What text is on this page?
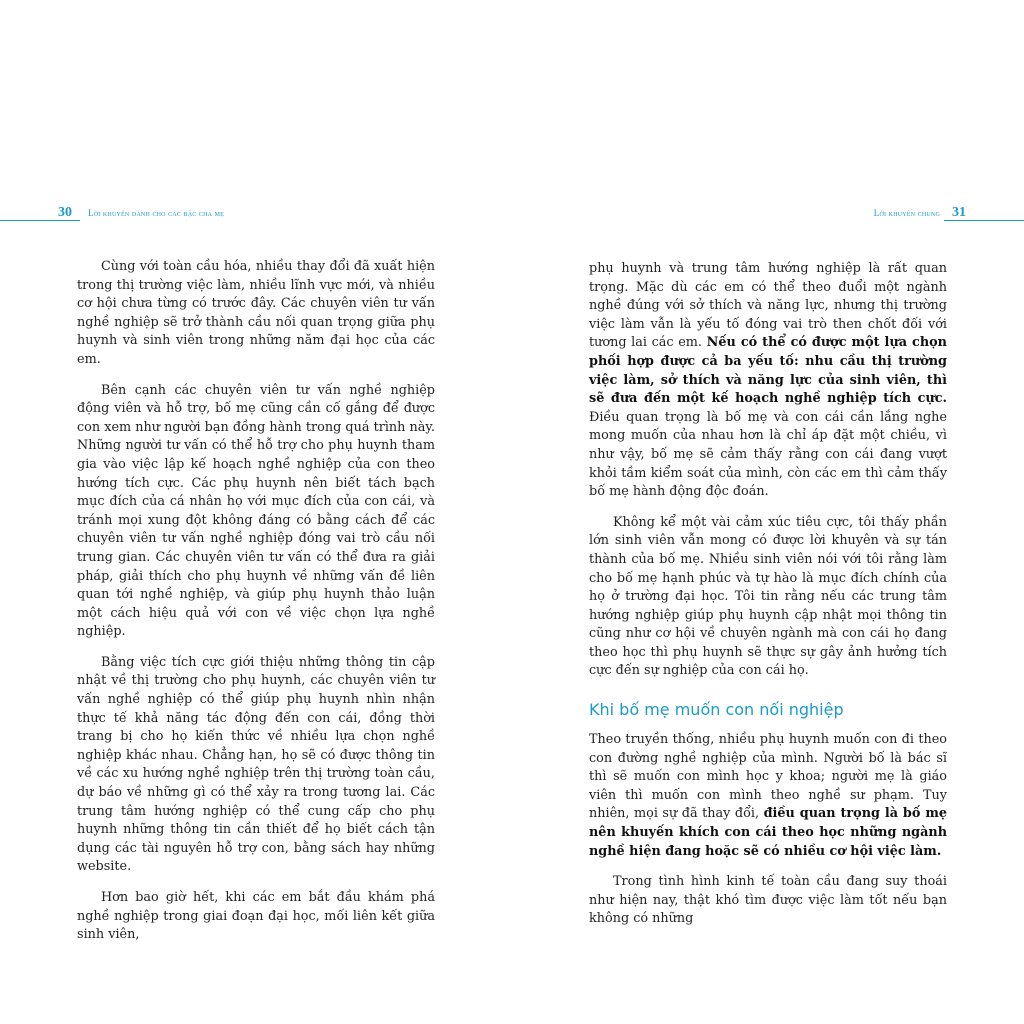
30 Lời khuyên dành cho các bậc cha mẹ	Lời khuyên chung 31

Cùng với toàn cầu hóa, nhiều thay đổi đã xuất hiện trong thị trường việc làm, nhiều lĩnh vực mới, và nhiều cơ hội chưa từng có trước đây. Các chuyên viên tư vấn nghề nghiệp sẽ trở thành cầu nối quan trọng giữa phụ huynh và sinh viên trong những năm đại học của các em.

Bên cạnh các chuyên viên tư vấn nghề nghiệp động viên và hỗ trợ, bố mẹ cũng cần cố gắng để được con xem như người bạn đồng hành trong quá trình này. Những người tư vấn có thể hỗ trợ cho phụ huynh tham gia vào việc lập kế hoạch nghề nghiệp của con theo hướng tích cực. Các phụ huynh nên biết tách bạch mục đích của cá nhân họ với mục đích của con cái, và tránh mọi xung đột không đáng có bằng cách để các chuyên viên tư vấn nghề nghiệp đóng vai trò cầu nối trung gian. Các chuyên viên tư vấn có thể đưa ra giải pháp, giải thích cho phụ huynh về những vấn đề liên quan tới nghề nghiệp, và giúp phụ huynh thảo luận một cách hiệu quả với con về việc chọn lựa nghề nghiệp.

Bằng việc tích cực giới thiệu những thông tin cập nhật về thị trường cho phụ huynh, các chuyên viên tư vấn nghề nghiệp có thể giúp phụ huynh nhìn nhận thực tế khả năng tác động đến con cái, đồng thời trang bị cho họ kiến thức về nhiều lựa chọn nghề nghiệp khác nhau. Chẳng hạn, họ sẽ có được thông tin về các xu hướng nghề nghiệp trên thị trường toàn cầu, dự báo về những gì có thể xảy ra trong tương lai. Các trung tâm hướng nghiệp có thể cung cấp cho phụ huynh những thông tin cần thiết để họ biết cách tận dụng các tài nguyên hỗ trợ con, bằng sách hay những website.

Hơn bao giờ hết, khi các em bắt đầu khám phá nghề nghiệp trong giai đoạn đại học, mối liên kết giữa sinh viên,

phụ huynh và trung tâm hướng nghiệp là rất quan trọng. Mặc dù các em có thể theo đuổi một ngành nghề đúng với sở thích và năng lực, nhưng thị trường việc làm vẫn là yếu tố đóng vai trò then chốt đối với tương lai các em. Nếu có thể có được một lựa chọn phối hợp được cả ba yếu tố: nhu cầu thị trường việc làm, sở thích và năng lực của sinh viên, thì sẽ đưa đến một kế hoạch nghề nghiệp tích cực. Điều quan trọng là bố mẹ và con cái cần lắng nghe mong muốn của nhau hơn là chỉ áp đặt một chiều, vì như vậy, bố mẹ sẽ cảm thấy rằng con cái đang vượt khỏi tầm kiểm soát của mình, còn các em thì cảm thấy bố mẹ hành động độc đoán.

Không kể một vài cảm xúc tiêu cực, tôi thấy phần lớn sinh viên vẫn mong có được lời khuyên và sự tán thành của bố mẹ. Nhiều sinh viên nói với tôi rằng làm cho bố mẹ hạnh phúc và tự hào là mục đích chính của họ ở trường đại học. Tôi tin rằng nếu các trung tâm hướng nghiệp giúp phụ huynh cập nhật mọi thông tin cũng như cơ hội về chuyên ngành mà con cái họ đang theo học thì phụ huynh sẽ thực sự gây ảnh hưởng tích cực đến sự nghiệp của con cái họ.

Khi bố mẹ muốn con nối nghiệp

Theo truyền thống, nhiều phụ huynh muốn con đi theo con đường nghề nghiệp của mình. Người bố là bác sĩ thì sẽ muốn con mình học y khoa; người mẹ là giáo viên thì muốn con mình theo nghề sư phạm. Tuy nhiên, mọi sự đã thay đổi, điều quan trọng là bố mẹ nên khuyến khích con cái theo học những ngành nghề hiện đang hoặc sẽ có nhiều cơ hội việc làm.

Trong tình hình kinh tế toàn cầu đang suy thoái như hiện nay, thật khó tìm được việc làm tốt nếu bạn không có những
